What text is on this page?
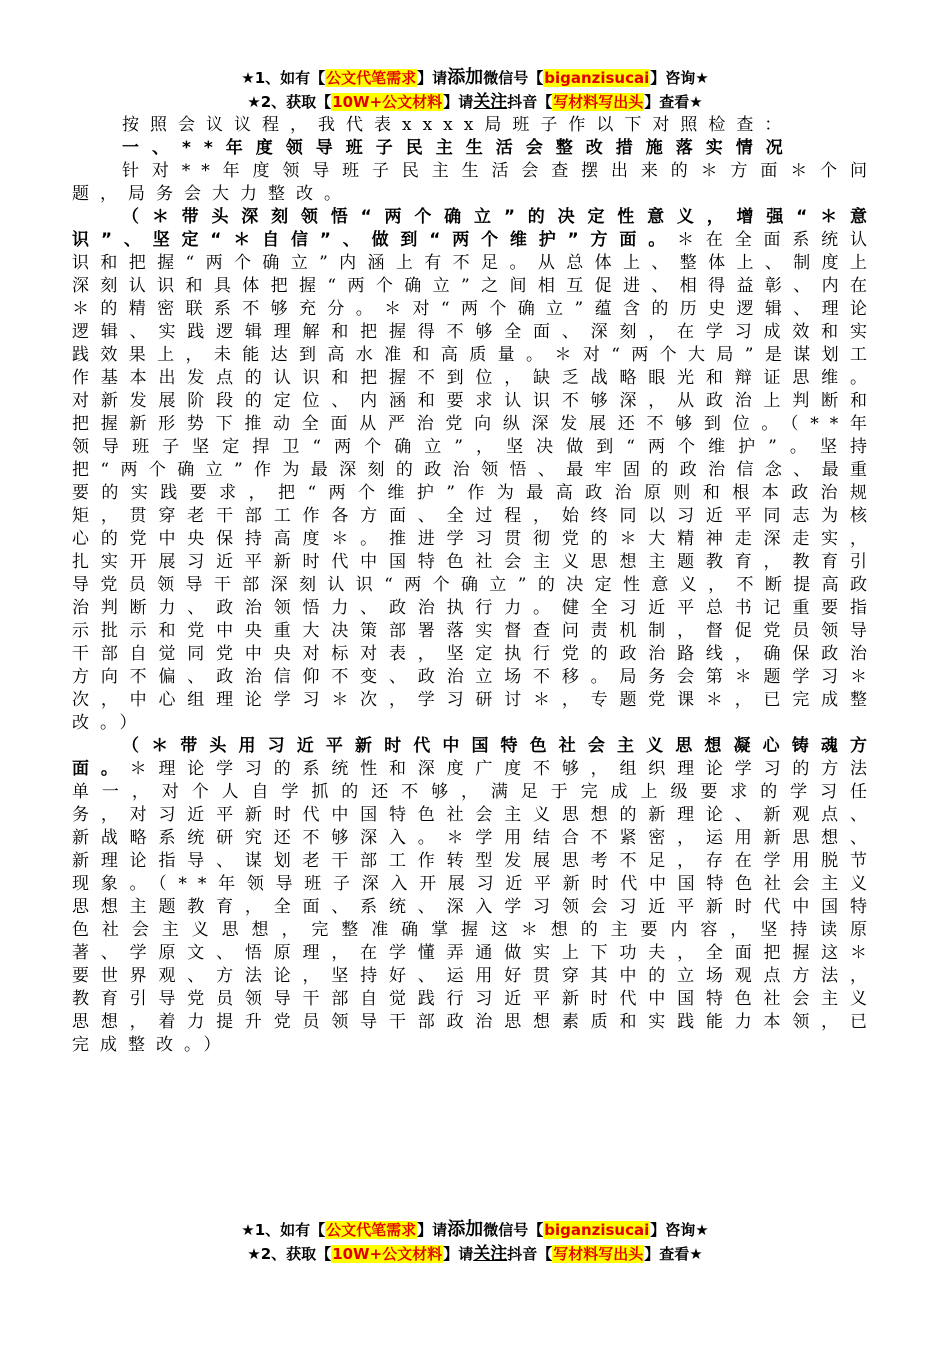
★1、如有【公文代笔需求】请添加微信号【biganzisucai】咨询★
★2、获取【10W+公文材料】请关注抖音【写材料写出头】查看★

按照会议议程，我代表xxxx局班子作以下对照检查：

一、**年度领导班子民主生活会整改措施落实情况

针对**年度领导班子民主生活会查摆出来的＊方面＊个问题，局务会大力整改。

（＊带头深刻领悟“两个确立”的决定性意义，增强“＊意识”、坚定“＊自信”、做到“两个维护”方面。＊在全面系统认识和把握“两个确立”内涵上有不足。从总体上、整体上、制度上深刻认识和具体把握“两个确立”之间相互促进、相得益彰、内在＊的精密联系不够充分。＊对“两个确立”蕴含的历史逻辑、理论逻辑、实践逻辑理解和把握得不够全面、深刻，在学习成效和实践效果上，未能达到高水准和高质量。＊对“两个大局”是谋划工作基本出发点的认识和把握不到位，缺乏战略眼光和辩证思维。对新发展阶段的定位、内涵和要求认识不够深，从政治上判断和把握新形势下推动全面从严治党向纵深发展还不够到位。（**年领导班子坚定捍卫“两个确立”，坚决做到“两个维护”。坚持把“两个确立”作为最深刻的政治领悟、最牢固的政治信念、最重要的实践要求，把“两个维护”作为最高政治原则和根本政治规矩，贯穿老干部工作各方面、全过程，始终同以习近平同志为核心的党中央保持高度＊。推进学习贯彻党的＊大精神走深走实，扎实开展习近平新时代中国特色社会主义思想主题教育，教育引导党员领导干部深刻认识“两个确立”的决定性意义，不断提高政治判断力、政治领悟力、政治执行力。健全习近平总书记重要指示批示和党中央重大决策部署落实督查问责机制，督促党员领导干部自觉同党中央对标对表，坚定执行党的政治路线，确保政治方向不偏、政治信仰不变、政治立场不移。局务会第＊题学习＊次，中心组理论学习＊次，学习研讨＊，专题党课＊，已完成整改。）

（＊带头用习近平新时代中国特色社会主义思想凝心铸魂方面。＊理论学习的系统性和深度广度不够，组织理论学习的方法单一，对个人自学抓的还不够，满足于完成上级要求的学习任务，对习近平新时代中国特色社会主义思想的新理论、新观点、新战略系统研究还不够深入。＊学用结合不紧密，运用新思想、新理论指导、谋划老干部工作转型发展思考不足，存在学用脱节现象。（**年领导班子深入开展习近平新时代中国特色社会主义思想主题教育，全面、系统、深入学习领会习近平新时代中国特色社会主义思想，完整准确掌握这＊想的主要内容，坚持读原著、学原文、悟原理，在学懂弄通做实上下功夫，全面把握这＊要世界观、方法论，坚持好、运用好贯穿其中的立场观点方法，教育引导党员领导干部自觉践行习近平新时代中国特色社会主义思想，着力提升党员领导干部政治思想素质和实践能力本领，已完成整改。）

★1、如有【公文代笔需求】请添加微信号【biganzisucai】咨询★
★2、获取【10W+公文材料】请关注抖音【写材料写出头】查看★
